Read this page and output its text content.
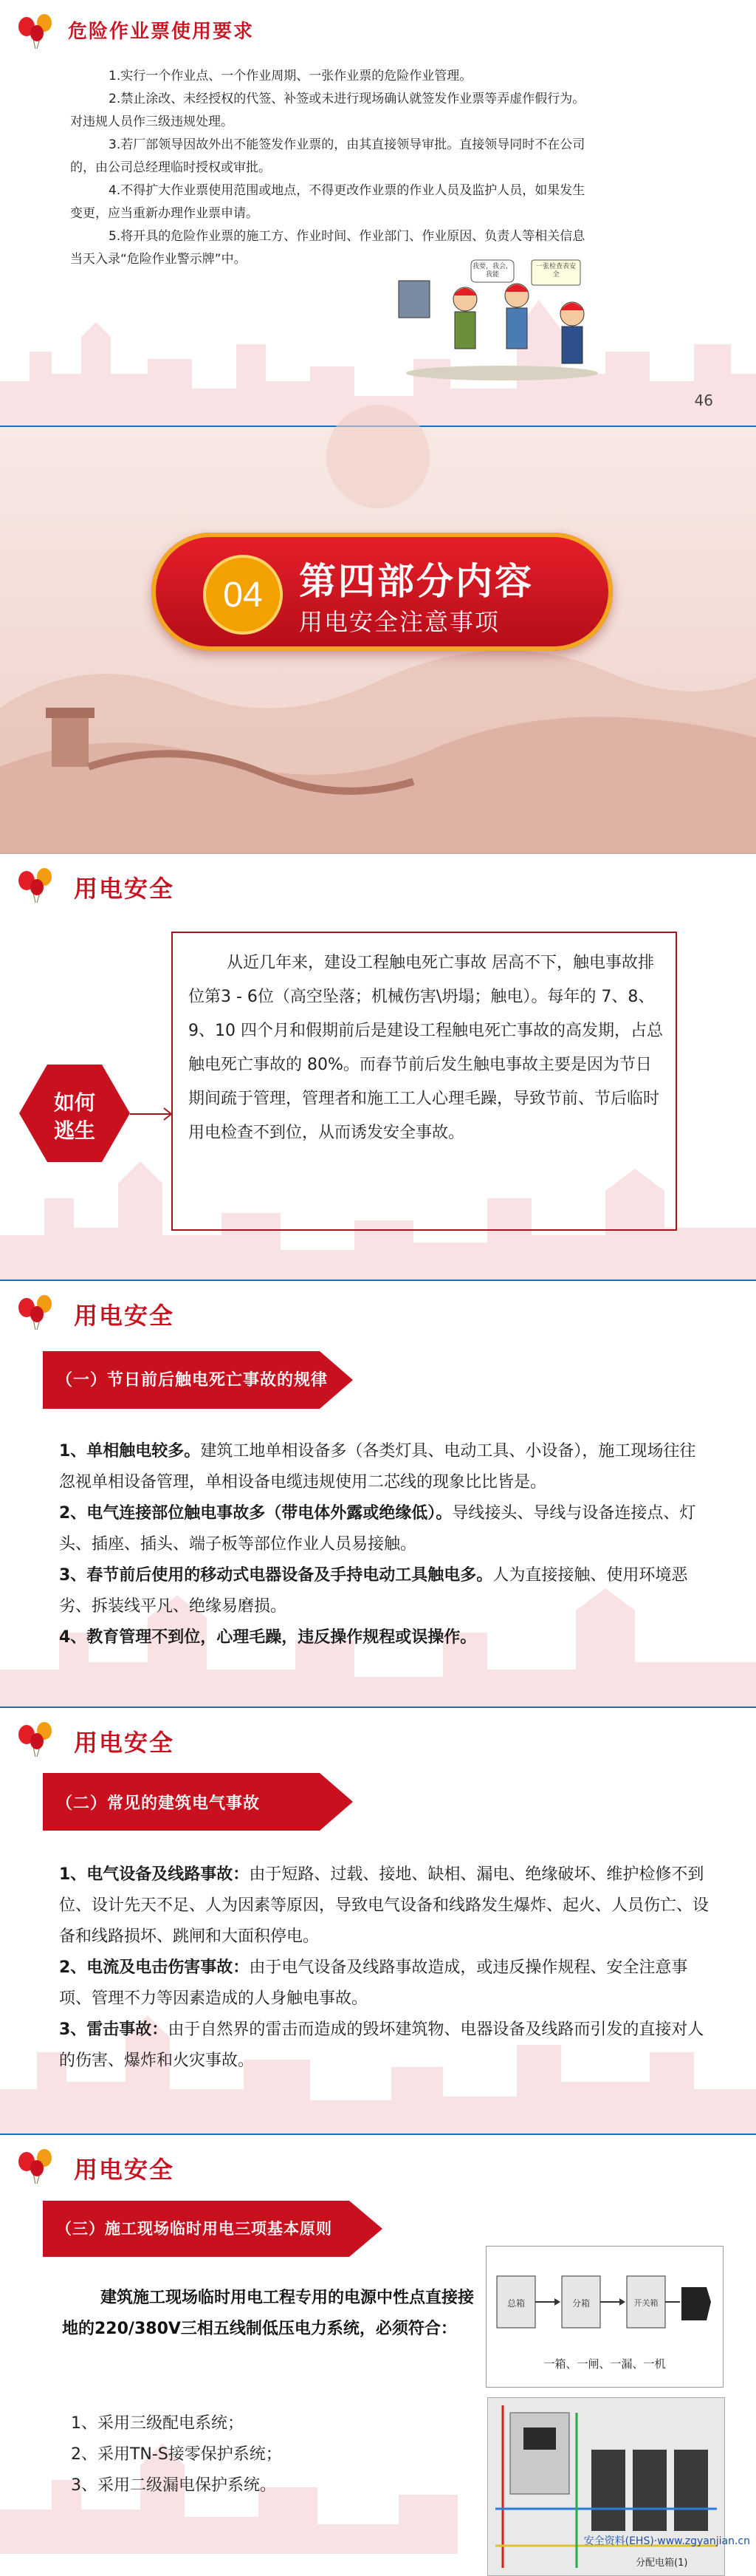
危险作业票使用要求

1.实行一个作业点、一个作业周期、一张作业票的危险作业管理。

2.禁止涂改、未经授权的代签、补签或未进行现场确认就签发作业票等弄虚作假行为。

对违规人员作三级违规处理。

3.若厂部领导因故外出不能签发作业票的，由其直接领导审批。直接领导同时不在公司

的，由公司总经理临时授权或审批。

4.不得扩大作业票使用范围或地点，不得更改作业票的作业人员及监护人员，如果发生

变更，应当重新办理作业票申请。

5.将开具的危险作业票的施工方、作业时间、作业部门、作业原因、负责人等相关信息

当天入录“危险作业警示牌”中。	我要，我会，我能
一张检查表安全
46
04 第四部分内容
用电安全注意事项
用电安全
如何
逃生
从近几年来，建设工程触电死亡事故 居高不下，触电事故排位第3 - 6位（高空坠落；机械伤害\坍塌；触电）。每年的 7、8、9、10 四个月和假期前后是建设工程触电死亡事故的高发期，占总触电死亡事故的 80%。而春节前后发生触电事故主要是因为节日期间疏于管理，管理者和施工工人心理毛躁，导致节前、节后临时用电检查不到位，从而诱发安全事故。
用电安全
（一）节日前后触电死亡事故的规律

1、单相触电较多。建筑工地单相设备多（各类灯具、电动工具、小设备），施工现场往往忽视单相设备管理，单相设备电缆违规使用二芯线的现象比比皆是。

2、电气连接部位触电事故多（带电体外露或绝缘低）。导线接头、导线与设备连接点、灯头、插座、插头、端子板等部位作业人员易接触。

3、春节前后使用的移动式电器设备及手持电动工具触电多。人为直接接触、使用环境恶劣、拆装线平凡、绝缘易磨损。

4、教育管理不到位，心理毛躁，违反操作规程或误操作。

用电安全
（二）常见的建筑电气事故

1、电气设备及线路事故：由于短路、过载、接地、缺相、漏电、绝缘破坏、维护检修不到位、设计先天不足、人为因素等原因，导致电气设备和线路发生爆炸、起火、人员伤亡、设备和线路损坏、跳闸和大面积停电。

2、电流及电击伤害事故：由于电气设备及线路事故造成，或违反操作规程、安全注意事项、管理不力等因素造成的人身触电事故。

3、雷击事故：由于自然界的雷击而造成的毁坏建筑物、电器设备及线路而引发的直接对人的伤害、爆炸和火灾事故。

用电安全
（三）施工现场临时用电三项基本原则
建筑施工现场临时用电工程专用的电源中性点直接接地的220/380V三相五线制低压电力系统，必须符合：

1、采用三级配电系统；

2、采用TN-S接零保护系统；

3、采用二级漏电保护系统。

总箱	分箱	开关箱
一箱、一闸、一漏、一机
分配电箱(1)
安全资料(EHS)·www.zgyanjian.cn
